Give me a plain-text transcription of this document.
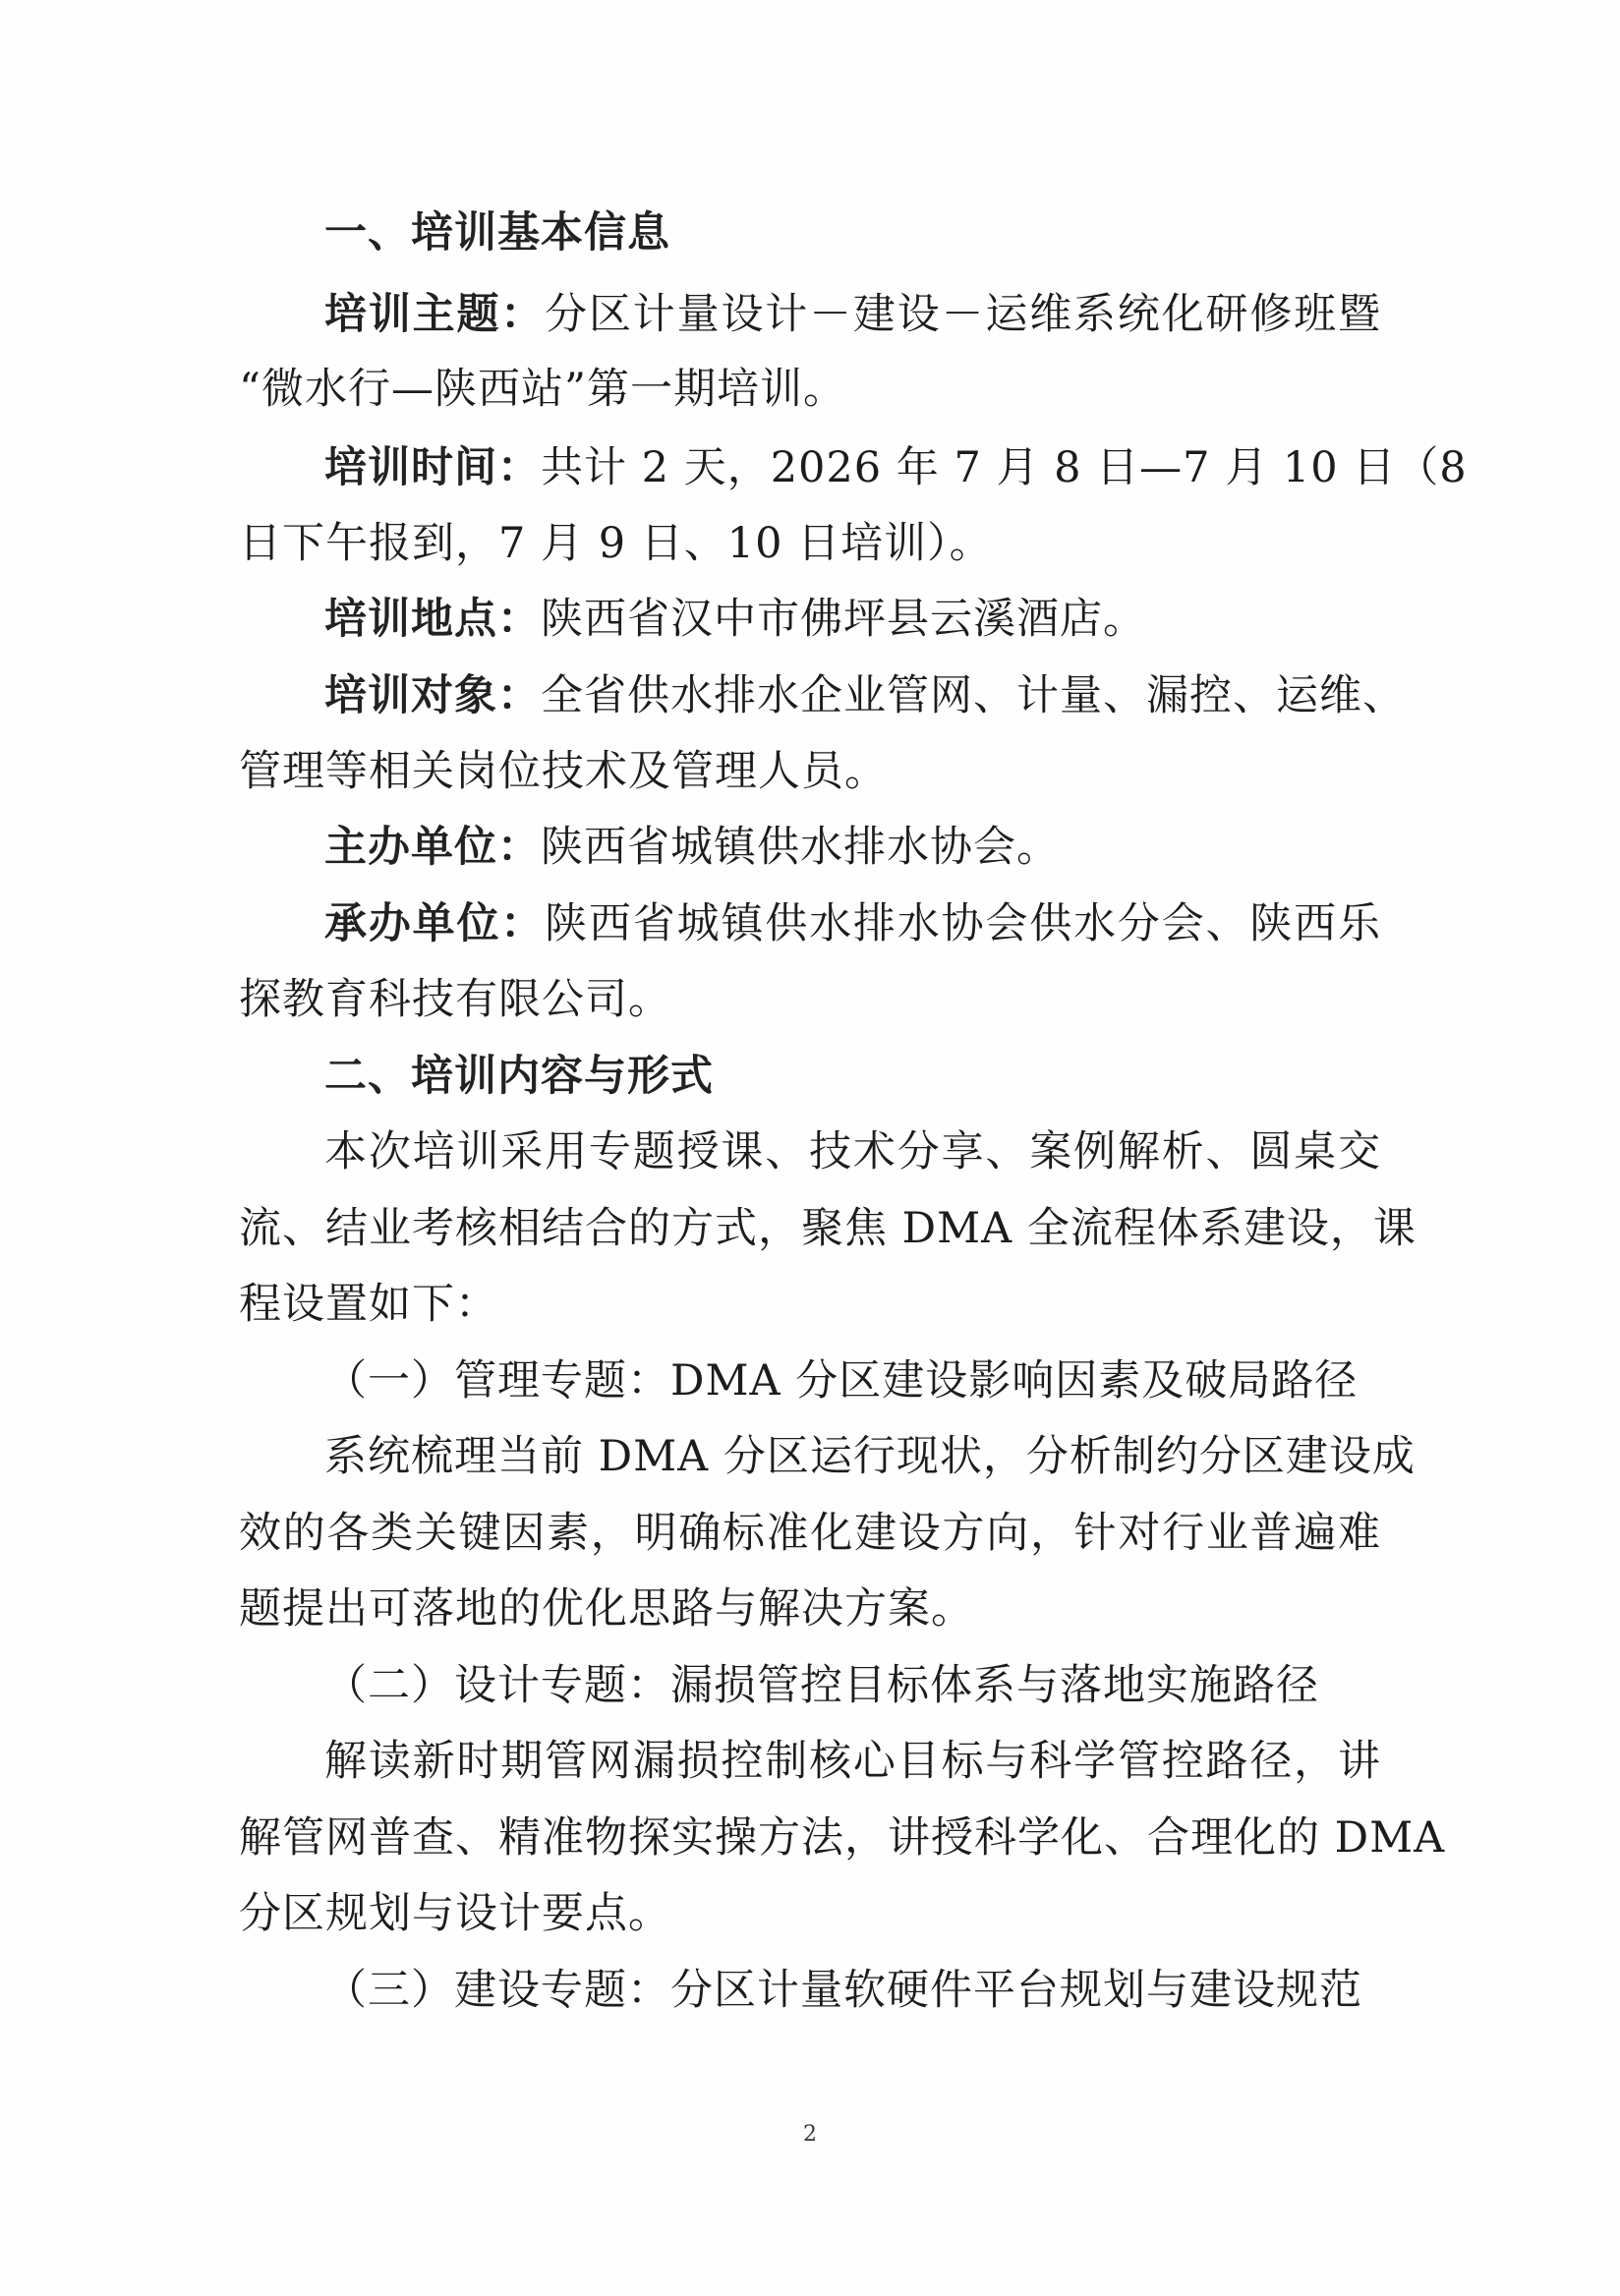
一、培训基本信息
培训主题：分区计量设计－建设－运维系统化研修班暨
“微水行—陕西站”第一期培训。
培训时间：共计 2 天，2026 年 7 月 8 日—7 月 10 日（8
日下午报到，7 月 9 日、10 日培训）。
培训地点：陕西省汉中市佛坪县云溪酒店。
培训对象：全省供水排水企业管网、计量、漏控、运维、
管理等相关岗位技术及管理人员。
主办单位：陕西省城镇供水排水协会。
承办单位：陕西省城镇供水排水协会供水分会、陕西乐
探教育科技有限公司。
二、培训内容与形式
本次培训采用专题授课、技术分享、案例解析、圆桌交
流、结业考核相结合的方式，聚焦 DMA 全流程体系建设，课
程设置如下：
（一）管理专题：DMA 分区建设影响因素及破局路径
系统梳理当前 DMA 分区运行现状，分析制约分区建设成
效的各类关键因素，明确标准化建设方向，针对行业普遍难
题提出可落地的优化思路与解决方案。
（二）设计专题：漏损管控目标体系与落地实施路径
解读新时期管网漏损控制核心目标与科学管控路径，讲
解管网普查、精准物探实操方法，讲授科学化、合理化的 DMA
分区规划与设计要点。
（三）建设专题：分区计量软硬件平台规划与建设规范
2
